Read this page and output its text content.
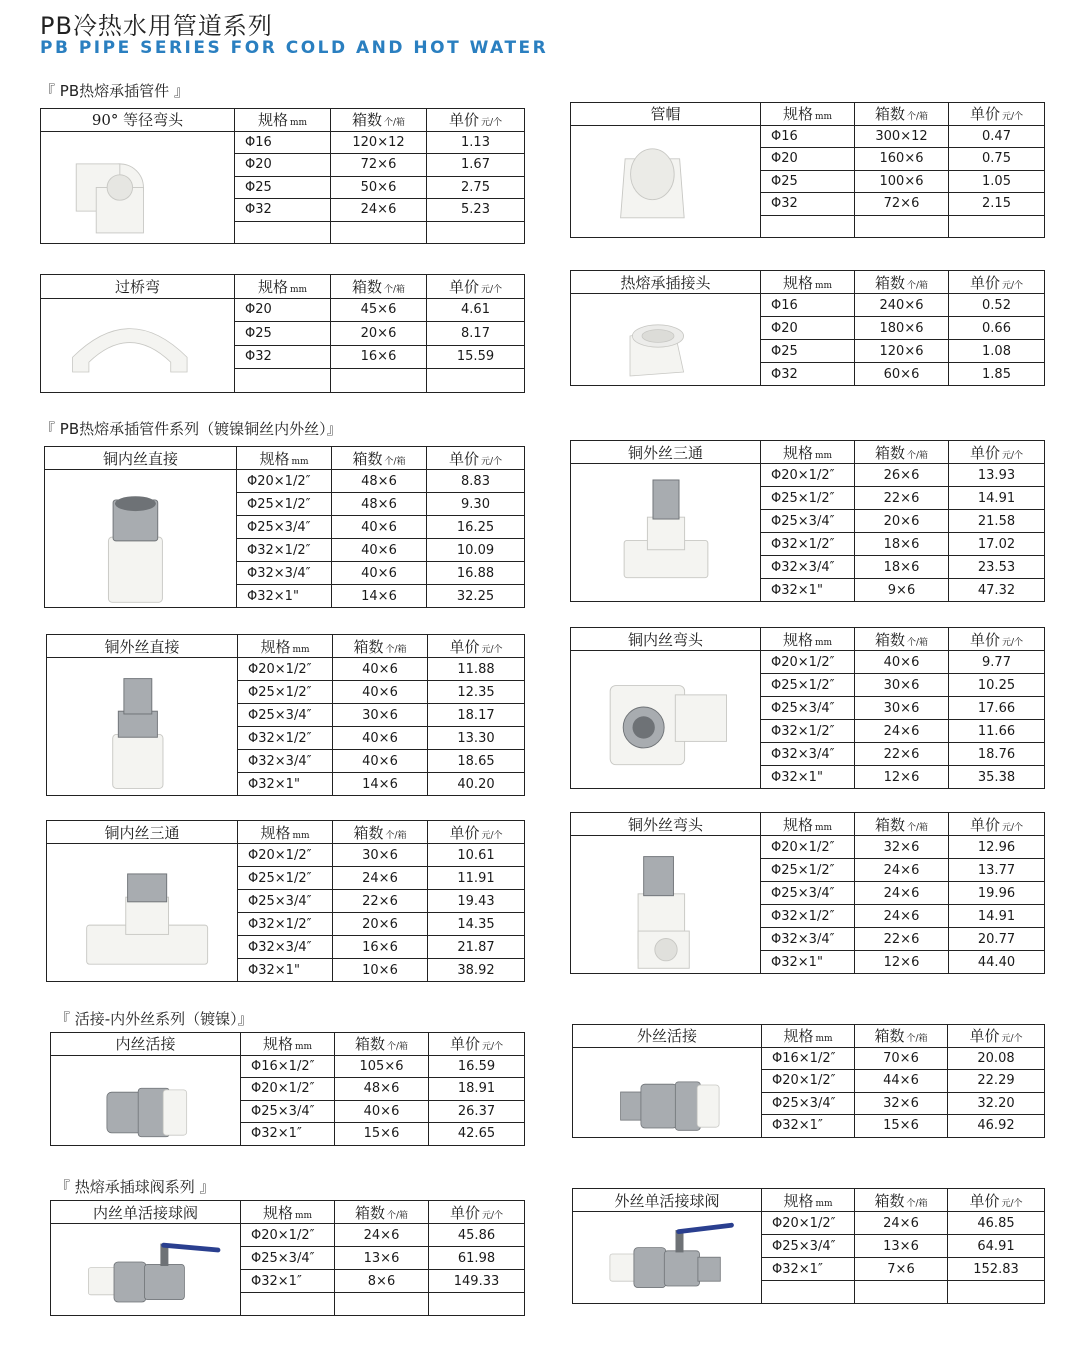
PB冷热水用管道系列
PB PIPE SERIES FOR COLD AND HOT WATER
『 PB热熔承插管件 』
『 PB热熔承插管件系列（镀镍铜丝内外丝）』
『 活接-内外丝系列（镀镍）』
『 热熔承插球阀系列 』
90° 等径弯头	规格 mm	箱数 个/箱	单价 元/个

	Φ16	120×12	1.13
	Φ20	72×6	1.67
	Φ25	50×6	2.75
	Φ32	24×6	5.23

管帽	规格 mm	箱数 个/箱	单价 元/个

	Φ16	300×12	0.47
	Φ20	160×6	0.75
	Φ25	100×6	1.05
	Φ32	72×6	2.15

过桥弯	规格 mm	箱数 个/箱	单价 元/个

	Φ20	45×6	4.61
	Φ25	20×6	8.17
	Φ32	16×6	15.59

热熔承插接头	规格 mm	箱数 个/箱	单价 元/个

	Φ16	240×6	0.52
	Φ20	180×6	0.66
	Φ25	120×6	1.08
	Φ32	60×6	1.85
铜内丝直接	规格 mm	箱数 个/箱	单价 元/个

	Φ20×1/2″	48×6	8.83
	Φ25×1/2″	48×6	9.30
	Φ25×3/4″	40×6	16.25
	Φ32×1/2″	40×6	10.09
	Φ32×3/4″	40×6	16.88
	Φ32×1"	14×6	32.25
铜外丝三通	规格 mm	箱数 个/箱	单价 元/个

	Φ20×1/2″	26×6	13.93
	Φ25×1/2″	22×6	14.91
	Φ25×3/4″	20×6	21.58
	Φ32×1/2″	18×6	17.02
	Φ32×3/4″	18×6	23.53
	Φ32×1"	9×6	47.32
铜外丝直接	规格 mm	箱数 个/箱	单价 元/个

	Φ20×1/2″	40×6	11.88
	Φ25×1/2″	40×6	12.35
	Φ25×3/4″	30×6	18.17
	Φ32×1/2″	40×6	13.30
	Φ32×3/4″	40×6	18.65
	Φ32×1"	14×6	40.20
铜内丝弯头	规格 mm	箱数 个/箱	单价 元/个

	Φ20×1/2″	40×6	9.77
	Φ25×1/2″	30×6	10.25
	Φ25×3/4″	30×6	17.66
	Φ32×1/2″	24×6	11.66
	Φ32×3/4″	22×6	18.76
	Φ32×1"	12×6	35.38
铜内丝三通	规格 mm	箱数 个/箱	单价 元/个

	Φ20×1/2″	30×6	10.61
	Φ25×1/2″	24×6	11.91
	Φ25×3/4″	22×6	19.43
	Φ32×1/2″	20×6	14.35
	Φ32×3/4″	16×6	21.87
	Φ32×1"	10×6	38.92
铜外丝弯头	规格 mm	箱数 个/箱	单价 元/个

	Φ20×1/2″	32×6	12.96
	Φ25×1/2″	24×6	13.77
	Φ25×3/4″	24×6	19.96
	Φ32×1/2″	24×6	14.91
	Φ32×3/4″	22×6	20.77
	Φ32×1"	12×6	44.40
内丝活接	规格 mm	箱数 个/箱	单价 元/个

	Φ16×1/2″	105×6	16.59
	Φ20×1/2″	48×6	18.91
	Φ25×3/4″	40×6	26.37
	Φ32×1″	15×6	42.65
外丝活接	规格 mm	箱数 个/箱	单价 元/个

	Φ16×1/2″	70×6	20.08
	Φ20×1/2″	44×6	22.29
	Φ25×3/4″	32×6	32.20
	Φ32×1″	15×6	46.92
内丝单活接球阀	规格 mm	箱数 个/箱	单价 元/个

	Φ20×1/2″	24×6	45.86
	Φ25×3/4″	13×6	61.98
	Φ32×1″	8×6	149.33

外丝单活接球阀	规格 mm	箱数 个/箱	单价 元/个

	Φ20×1/2″	24×6	46.85
	Φ25×3/4″	13×6	64.91
	Φ32×1″	7×6	152.83
